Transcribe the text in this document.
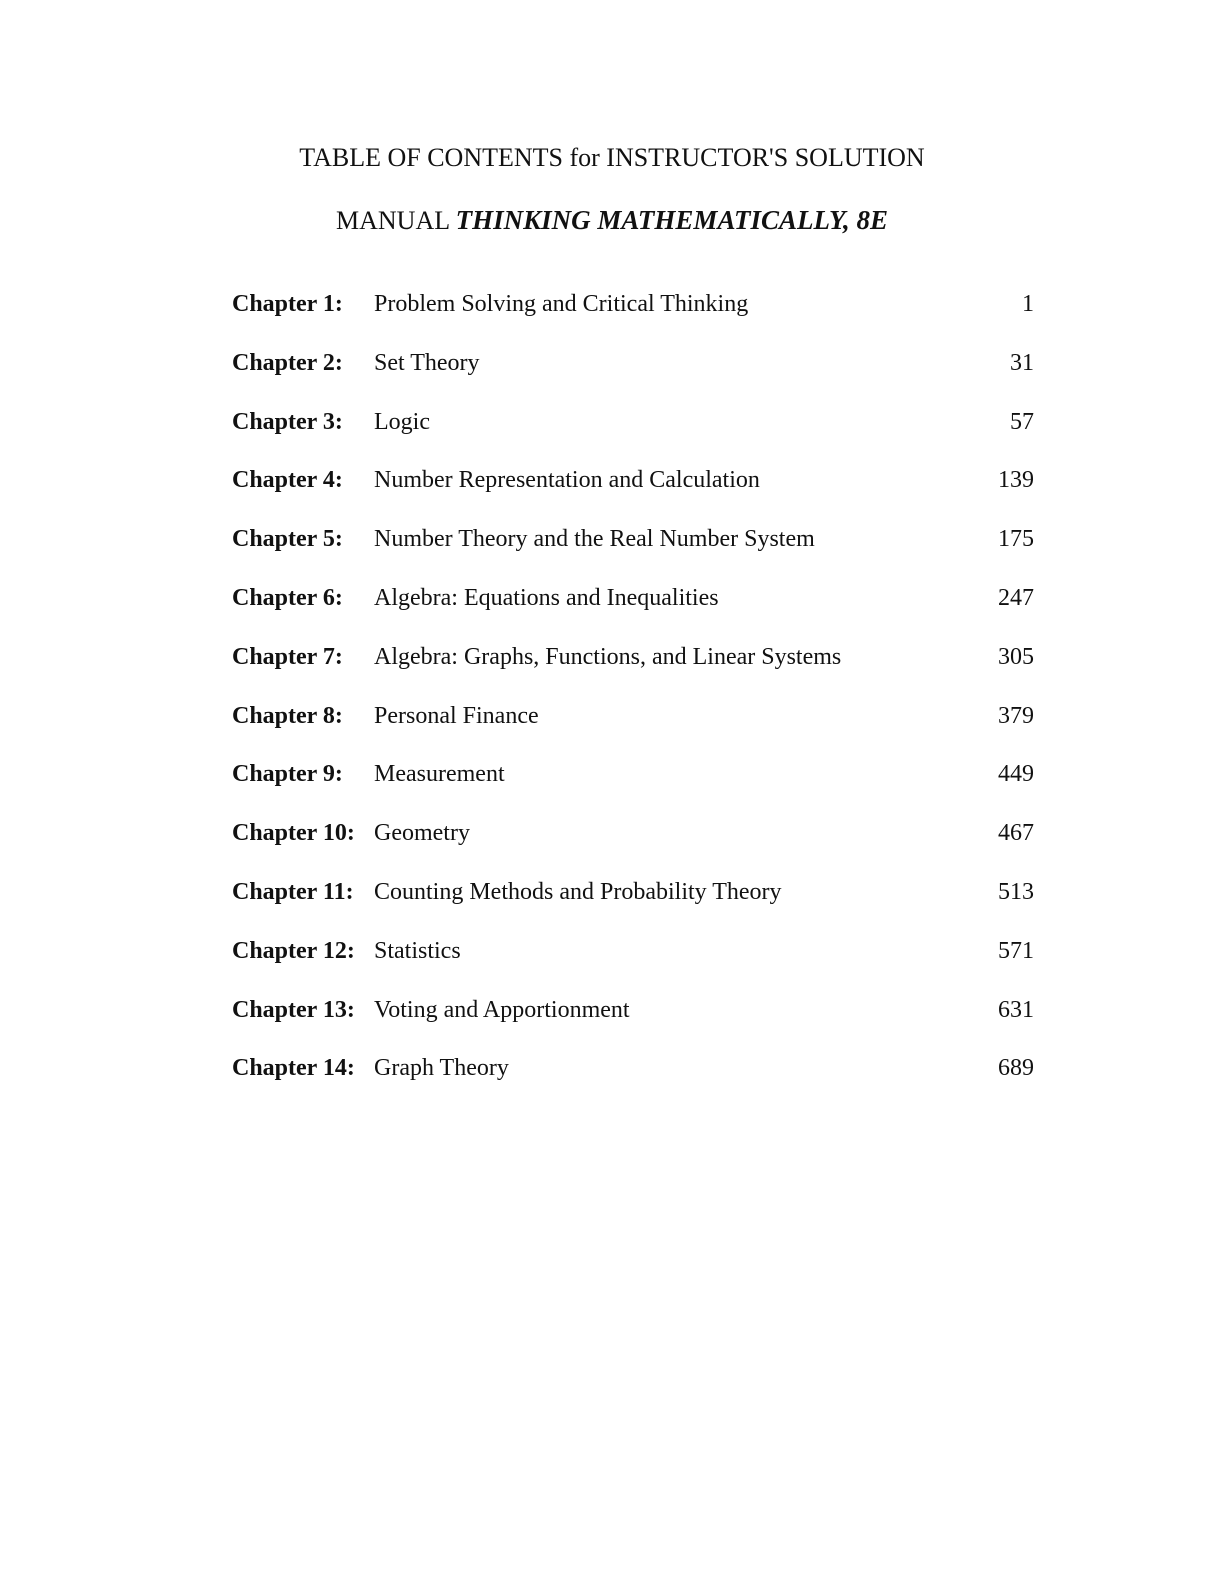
TABLE OF CONTENTS for INSTRUCTOR'S SOLUTION
MANUAL THINKING MATHEMATICALLY, 8E
Chapter 1: Problem Solving and Critical Thinking	1
Chapter 2: Set Theory	31
Chapter 3: Logic	57
Chapter 4: Number Representation and Calculation	139
Chapter 5: Number Theory and the Real Number System	175
Chapter 6: Algebra: Equations and Inequalities	247
Chapter 7: Algebra: Graphs, Functions, and Linear Systems	305
Chapter 8: Personal Finance	379
Chapter 9: Measurement	449
Chapter 10: Geometry	467
Chapter 11: Counting Methods and Probability Theory	513
Chapter 12: Statistics	571
Chapter 13: Voting and Apportionment	631
Chapter 14: Graph Theory	689
